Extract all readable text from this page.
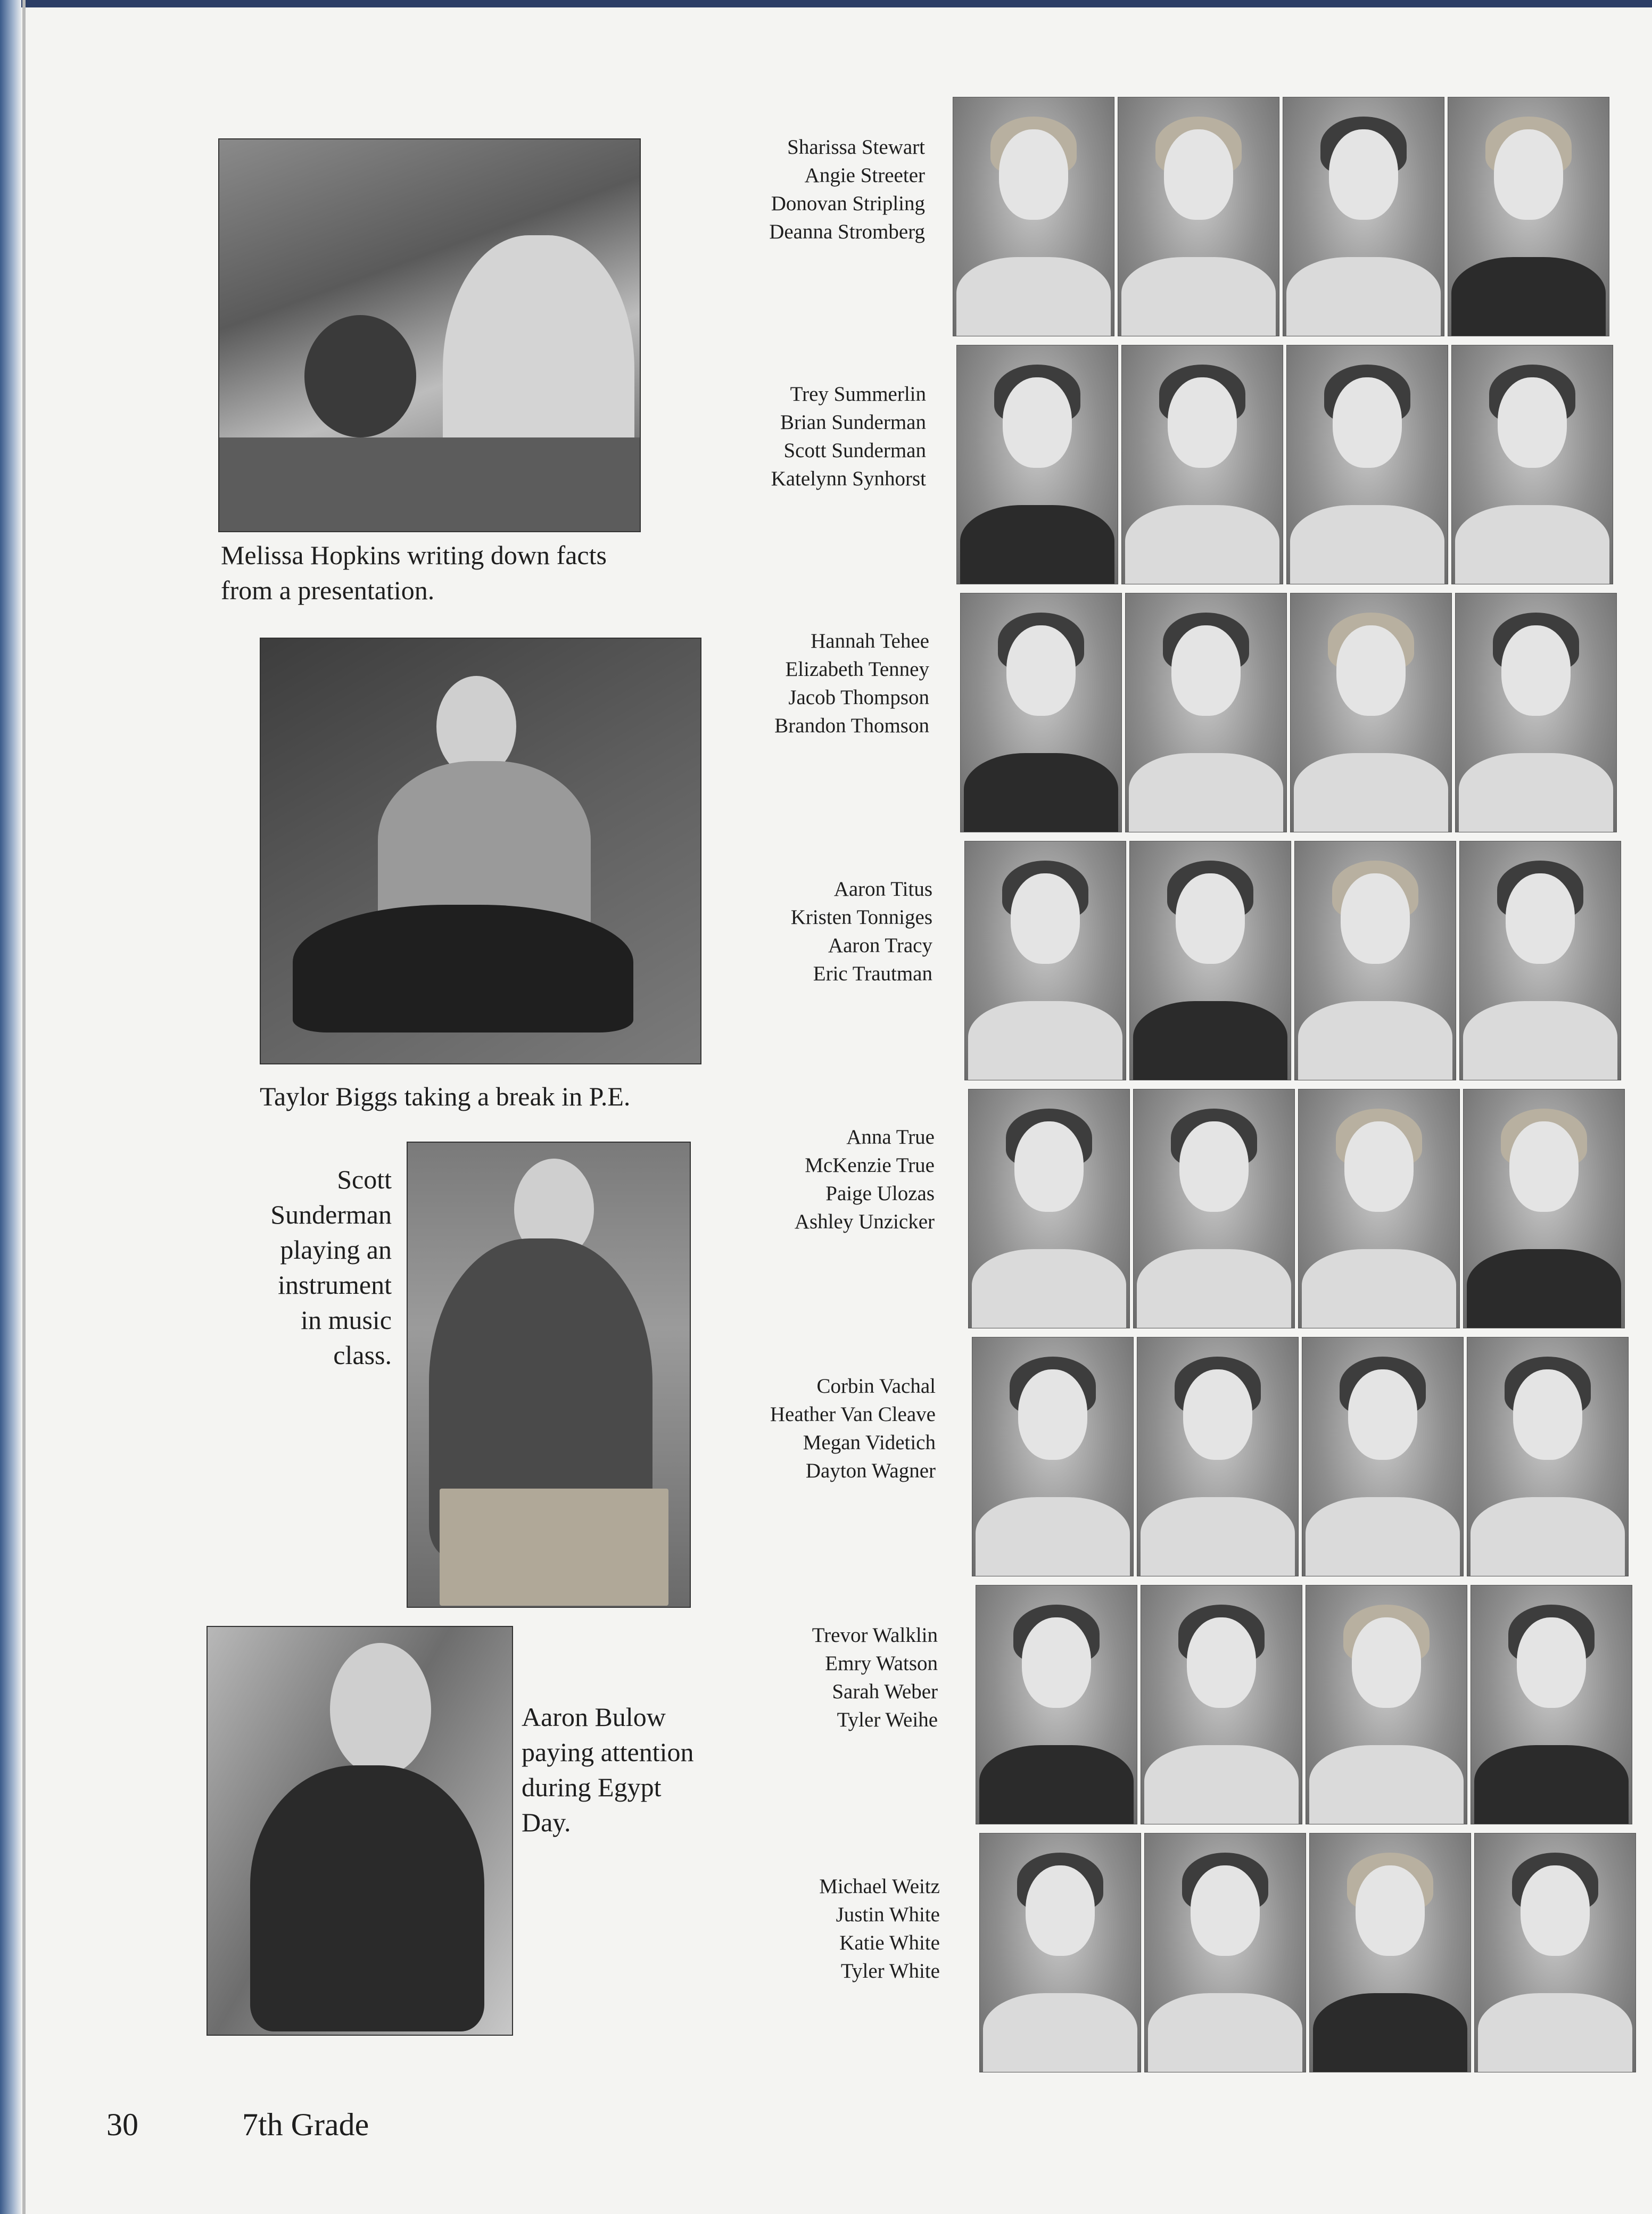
Melissa Hopkins writing down facts
from a presentation.
Taylor Biggs taking a break in P.E.
Scott
Sunderman
playing an
instrument
in music
class.
Aaron Bulow
paying attention
during Egypt
Day.
Sharissa Stewart
Angie Streeter
Donovan Stripling
Deanna Stromberg
Trey Summerlin
Brian Sunderman
Scott Sunderman
Katelynn Synhorst
Hannah Tehee
Elizabeth Tenney
Jacob Thompson
Brandon Thomson
Aaron Titus
Kristen Tonniges
Aaron Tracy
Eric Trautman
Anna True
McKenzie True
Paige Ulozas
Ashley Unzicker
Corbin Vachal
Heather Van Cleave
Megan Videtich
Dayton Wagner
Trevor Walklin
Emry Watson
Sarah Weber
Tyler Weihe
Michael Weitz
Justin White
Katie White
Tyler White
30	7th Grade
